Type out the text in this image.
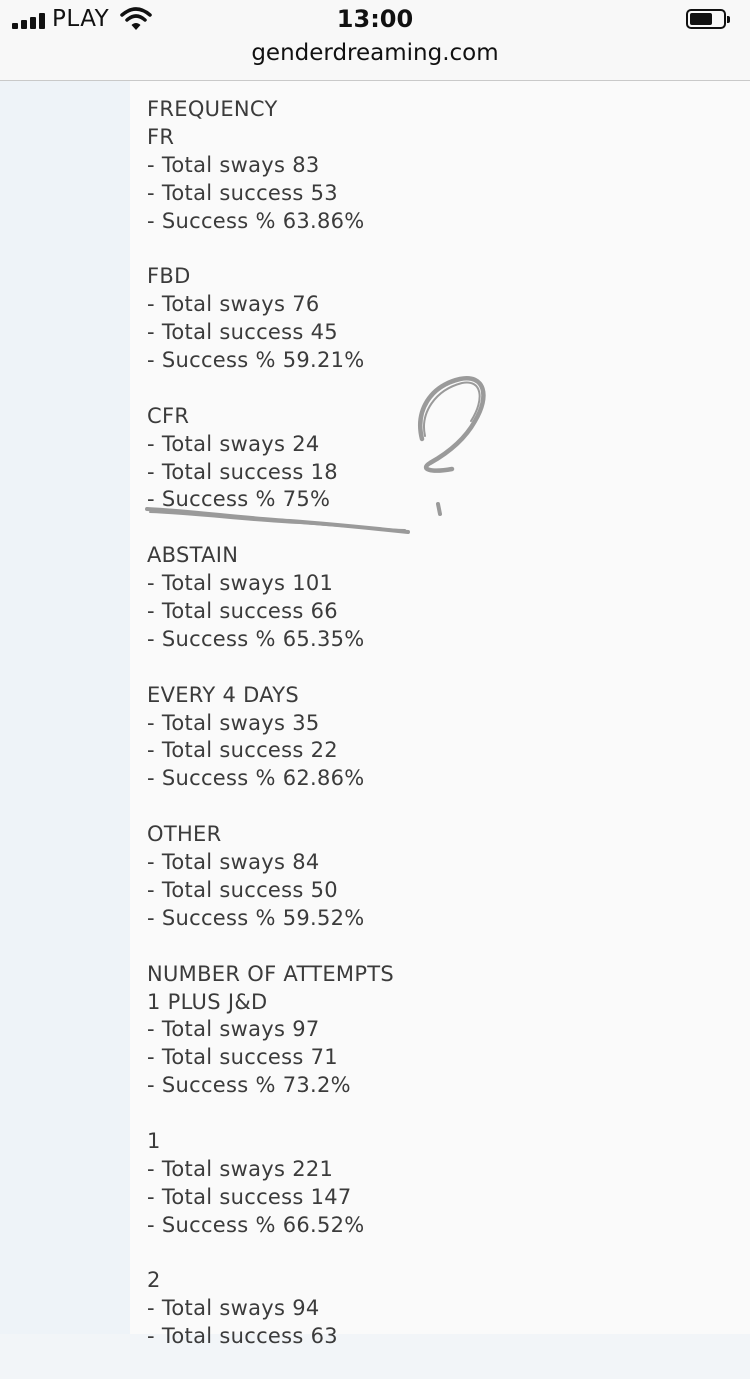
PLAY	13:00
genderdreaming.com
FREQUENCY
FR
- Total sways 83
- Total success 53
- Success % 63.86%
FBD
- Total sways 76
- Total success 45
- Success % 59.21%
CFR
- Total sways 24
- Total success 18
- Success % 75%
ABSTAIN
- Total sways 101
- Total success 66
- Success % 65.35%
EVERY 4 DAYS
- Total sways 35
- Total success 22
- Success % 62.86%
OTHER
- Total sways 84
- Total success 50
- Success % 59.52%
NUMBER OF ATTEMPTS
1 PLUS J&D
- Total sways 97
- Total success 71
- Success % 73.2%
1
- Total sways 221
- Total success 147
- Success % 66.52%
2
- Total sways 94
- Total success 63
